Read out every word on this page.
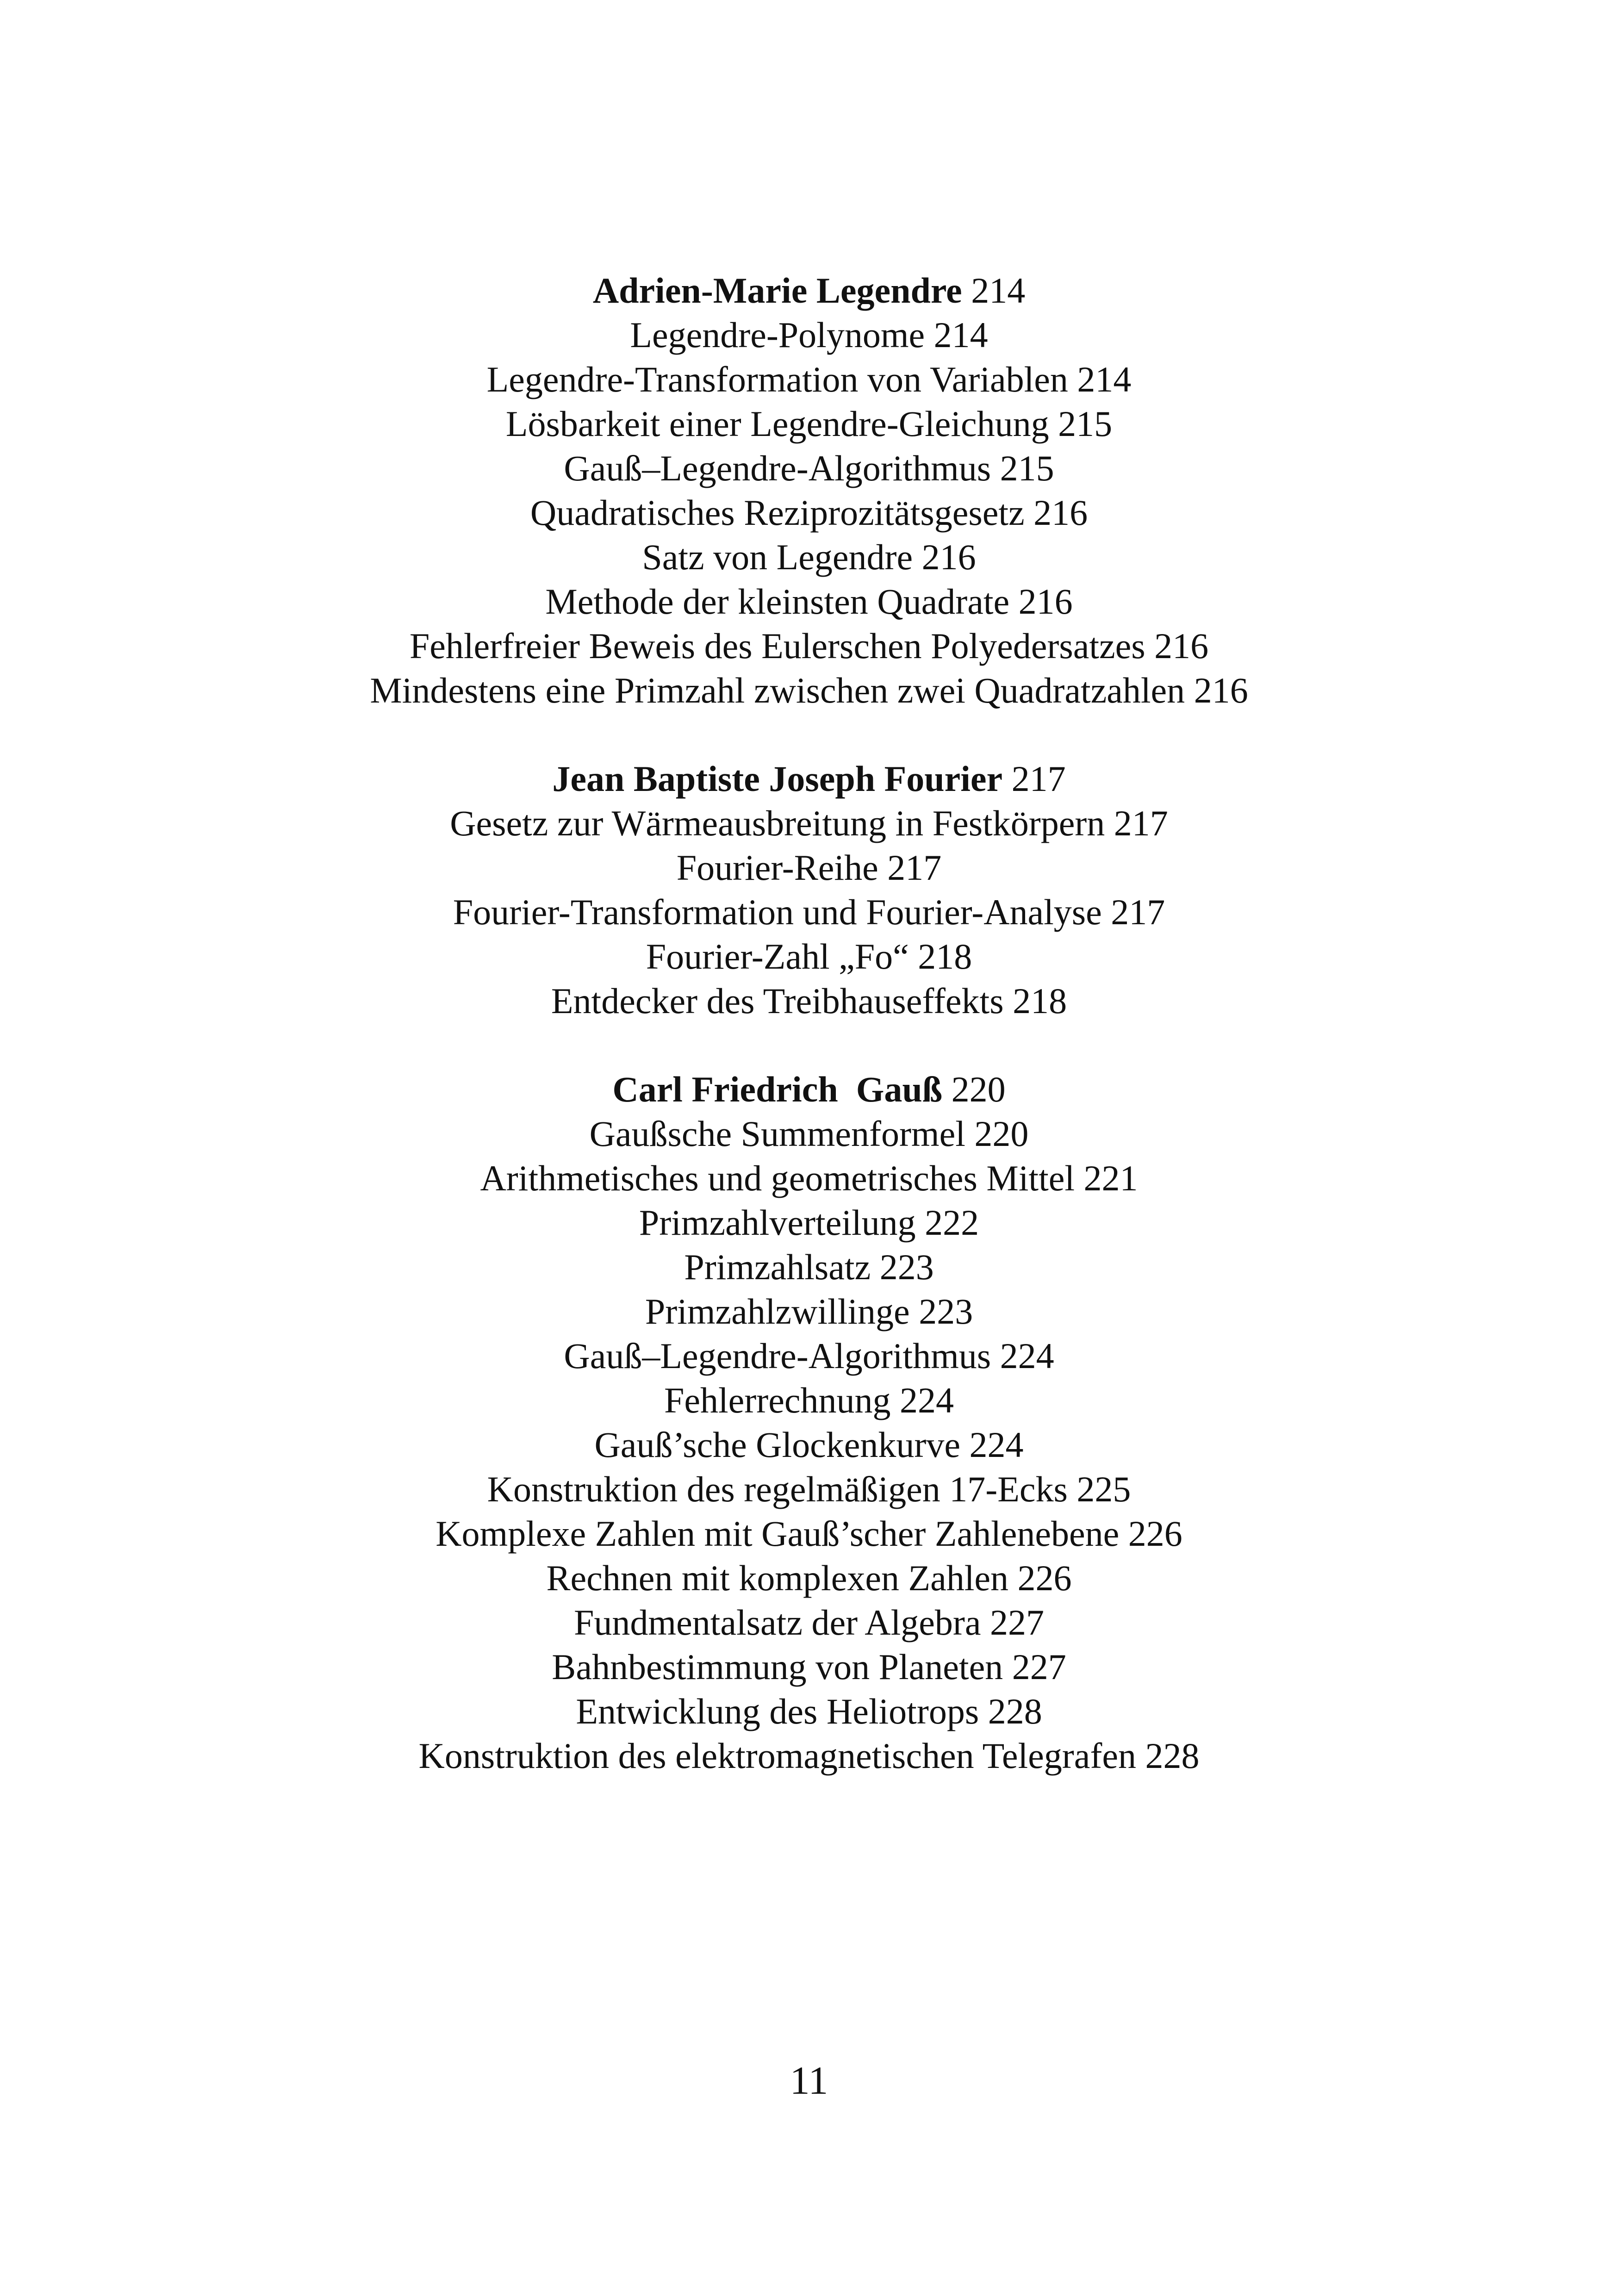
Adrien-Marie Legendre 214
Legendre-Polynome 214
Legendre-Transformation von Variablen 214
Lösbarkeit einer Legendre-Gleichung 215
Gauß–Legendre-Algorithmus 215
Quadratisches Reziprozitätsgesetz 216
Satz von Legendre 216
Methode der kleinsten Quadrate 216
Fehlerfreier Beweis des Eulerschen Polyedersatzes 216
Mindestens eine Primzahl zwischen zwei Quadratzahlen 216
Jean Baptiste Joseph Fourier 217
Gesetz zur Wärmeausbreitung in Festkörpern 217
Fourier-Reihe 217
Fourier-Transformation und Fourier-Analyse 217
Fourier-Zahl „Fo“ 218
Entdecker des Treibhauseffekts 218
Carl Friedrich  Gauß 220
Gaußsche Summenformel 220
Arithmetisches und geometrisches Mittel 221
Primzahlverteilung 222
Primzahlsatz 223
Primzahlzwillinge 223
Gauß–Legendre-Algorithmus 224
Fehlerrechnung 224
Gauß’sche Glockenkurve 224
Konstruktion des regelmäßigen 17-Ecks 225
Komplexe Zahlen mit Gauß’scher Zahlenebene 226
Rechnen mit komplexen Zahlen 226
Fundmentalsatz der Algebra 227
Bahnbestimmung von Planeten 227
Entwicklung des Heliotrops 228
Konstruktion des elektromagnetischen Telegrafen 228
11
